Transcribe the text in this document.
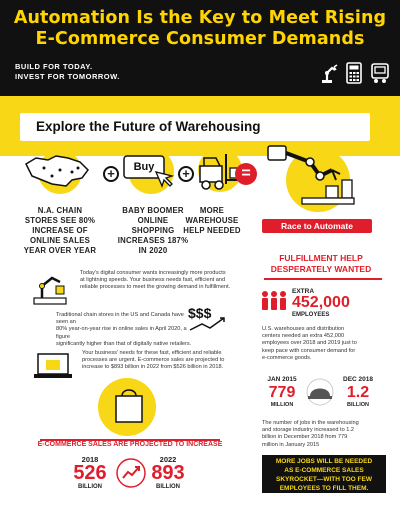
Automation Is the Key to Meet Rising
E-Commerce Consumer Demands
BUILD FOR TODAY.
INVEST FOR TOMORROW.
Explore the Future of Warehousing
N.A. CHAIN
STORES SEE 80%
INCREASE OF
ONLINE SALES
YEAR OVER YEAR
+	Buy
BABY BOOMER
ONLINE
SHOPPING
INCREASES 187%
IN 2020
+
MORE
WAREHOUSE
HELP NEEDED
=
Race to Automate
Today's digital consumer wants increasingly more products
at lightning speeds. Your business needs fast, efficient and
reliable processes to meet the growing demand in fulfillment.
$$$
Traditional chain stores in the US and Canada have seen an
80% year-on-year rise in online sales in April 2020, a figure
significantly higher than that of digitally native retailers.
Your business' needs for these fast, efficient and reliable
processes are urgent. E-commerce sales are projected to
increase to $893 billion in 2022 from $526 billion in 2018.
E-COMMERCE SALES ARE PROJECTED TO INCREASE
2018
526
BILLION
2022
893
BILLION
FULFILLMENT HELP
DESPERATELY WANTED
EXTRA
452,000
EMPLOYEES
U.S. warehouses and distribution
centers needed an extra 452,000
employees over 2018 and 2019 just to
keep pace with consumer demand for
e-commerce goods.
JAN 2015
779
MILLION
DEC 2018
1.2
BILLION
The number of jobs in the warehousing
and storage industry increased to 1.2
billion in December 2018 from 779
million in January 2015
MORE JOBS WILL BE NEEDED
AS E-COMMERCE SALES
SKYROCKET—WITH TOO FEW
EMPLOYEES TO FILL THEM.
